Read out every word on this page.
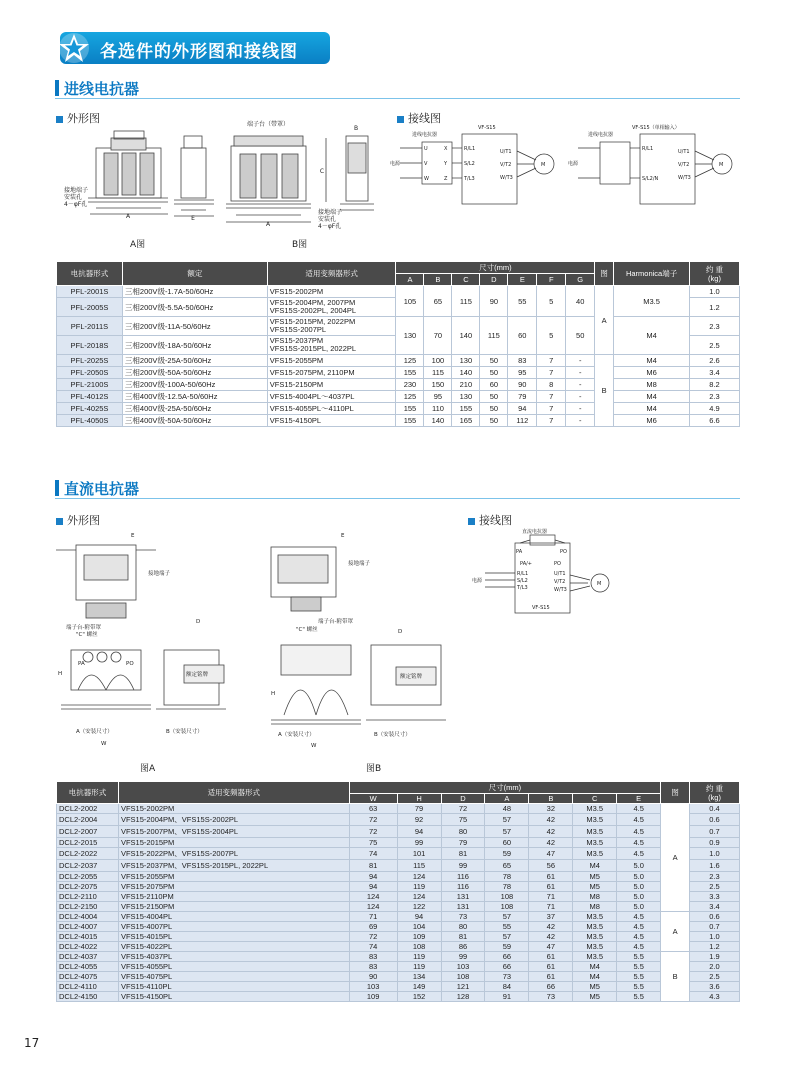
各选件的外形图和接线图
进线电抗器
外形图	接线图
A	E
A
C
B
端子台（带罩）
接地端子
安装孔
4－φF孔
接地端子
安装孔
4－φF孔
A图	B图
进线电抗器
VF-S15
电源
U
V
W
X
Y
Z
R/L1
S/L2
T/L3
U/T1
V/T2
W/T3
M
进线电抗器
VF-S15（单相输入）
电源
R/L1
S/L2/N
U/T1
V/T2
W/T3
M
电抗器形式	额定	适用变频器形式	尺寸(mm)							图	Harmonica端子	约 重
(kg)
			A	B	C	D	E	F	G			
PFL-2001S	三相200V级-1.7A-50/60Hz	VFS15-2002PM	105	65	115	90	55	5	40	A	M3.5	1.0
PFL-2005S	三相200V级-5.5A-50/60Hz	VFS15-2004PM, 2007PM
VFS15S-2002PL, 2004PL										1.2
PFL-2011S	三相200V级-11A-50/60Hz	VFS15-2015PM, 2022PM
VFS15S-2007PL	130	70	140	115	60	5	50		M4	2.3
PFL-2018S	三相200V级-18A-50/60Hz	VFS15-2037PM
VFS15S-2015PL, 2022PL										2.5
PFL-2025S	三相200V级-25A-50/60Hz	VFS15-2055PM	125	100	130	50	83	7	-	B	M4	2.6
PFL-2050S	三相200V级-50A-50/60Hz	VFS15-2075PM, 2110PM	155	115	140	50	95	7	-		M6	3.4
PFL-2100S	三相200V级-100A-50/60Hz	VFS15-2150PM	230	150	210	60	90	8	-		M8	8.2
PFL-4012S	三相400V级-12.5A-50/60Hz	VFS15-4004PL～4037PL	125	95	130	50	79	7	-		M4	2.3
PFL-4025S	三相400V级-25A-50/60Hz	VFS15-4055PL～4110PL	155	110	155	50	94	7	-		M4	4.9
PFL-4050S	三相400V级-50A-50/60Hz	VFS15-4150PL	155	140	165	50	112	7	-		M6	6.6
直流电抗器
外形图	接线图
E
接地端子
端子台-附带罩
"C" 螺丝
D
PA	PO
额定铭牌
H
A（安装尺寸）
W
B（安装尺寸）
E
接地端子
端子台-附带罩
"C" 螺丝	D
额定铭牌
H
A（安装尺寸）
W
B（安装尺寸）
图A	图B
直流电抗器
PA	PO
PA/+	PO
R/L1
S/L2
T/L3
U/T1
V/T2
W/T3
电源
VF-S15
M
电抗器形式	适用变频器形式	尺寸(mm)							图	约 重
(kg)
		W	H	D	A	B	C	E		
DCL2-2002	VFS15-2002PM	63	79	72	48	32	M3.5	4.5	A	0.4
DCL2-2004	VFS15-2004PM、VFS15S-2002PL	72	92	75	57	42	M3.5	4.5		0.6
DCL2-2007	VFS15-2007PM、VFS15S-2004PL	72	94	80	57	42	M3.5	4.5		0.7
DCL2-2015	VFS15-2015PM	75	99	79	60	42	M3.5	4.5		0.9
DCL2-2022	VFS15-2022PM、VFS15S-2007PL	74	101	81	59	47	M3.5	4.5		1.0
DCL2-2037	VFS15-2037PM、VFS15S-2015PL, 2022PL	81	115	99	65	56	M4	5.0		1.6
DCL2-2055	VFS15-2055PM	94	124	116	78	61	M5	5.0		2.3
DCL2-2075	VFS15-2075PM	94	119	116	78	61	M5	5.0		2.5
DCL2-2110	VFS15-2110PM	124	124	131	108	71	M8	5.0		3.3
DCL2-2150	VFS15-2150PM	124	122	131	108	71	M8	5.0		3.4
DCL2-4004	VFS15-4004PL	71	94	73	57	37	M3.5	4.5	A	0.6
DCL2-4007	VFS15-4007PL	69	104	80	55	42	M3.5	4.5		0.7
DCL2-4015	VFS15-4015PL	72	109	81	57	42	M3.5	4.5		1.0
DCL2-4022	VFS15-4022PL	74	108	86	59	47	M3.5	4.5		1.2
DCL2-4037	VFS15-4037PL	83	119	99	66	61	M3.5	5.5	B	1.9
DCL2-4055	VFS15-4055PL	83	119	103	66	61	M4	5.5		2.0
DCL2-4075	VFS15-4075PL	90	134	108	73	61	M4	5.5		2.5
DCL2-4110	VFS15-4110PL	103	149	121	84	66	M5	5.5		3.6
DCL2-4150	VFS15-4150PL	109	152	128	91	73	M5	5.5		4.3
17
